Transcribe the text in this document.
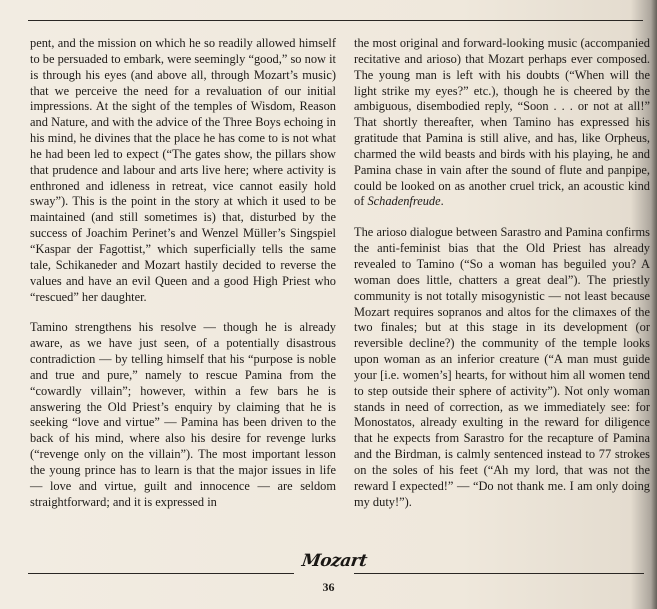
pent, and the mission on which he so readily allowed himself to be persuaded to embark, were seemingly “good,” so now it is through his eyes (and above all, through Mozart’s music) that we perceive the need for a revaluation of our initial impressions. At the sight of the temples of Wisdom, Reason and Nature, and with the advice of the Three Boys echoing in his mind, he divines that the place he has come to is not what he had been led to expect (“The gates show, the pillars show that prudence and labour and arts live here; where activity is enthroned and idleness in retreat, vice cannot easily hold sway”). This is the point in the story at which it used to be maintained (and still sometimes is) that, disturbed by the success of Joachim Perinet’s and Wenzel Müller’s Singspiel “Kaspar der Fagottist,” which superficially tells the same tale, Schikaneder and Mozart hastily decided to reverse the values and have an evil Queen and a good High Priest who “rescued” her daughter.

Tamino strengthens his resolve — though he is already aware, as we have just seen, of a potentially disastrous contradiction — by telling himself that his “purpose is noble and true and pure,” namely to rescue Pamina from the “cowardly villain”; however, within a few bars he is answering the Old Priest’s enquiry by claiming that he is seeking “love and virtue” — Pamina has been driven to the back of his mind, where also his desire for revenge lurks (“revenge only on the villain”). The most important lesson the young prince has to learn is that the major issues in life — love and virtue, guilt and innocence — are seldom straightforward; and it is expressed in

the most original and forward-looking music (accompanied recitative and arioso) that Mozart perhaps ever composed. The young man is left with his doubts (“When will the light strike my eyes?” etc.), though he is cheered by the ambiguous, disembodied reply, “Soon . . . or not at all!” That shortly thereafter, when Tamino has expressed his gratitude that Pamina is still alive, and has, like Orpheus, charmed the wild beasts and birds with his playing, he and Pamina chase in vain after the sound of flute and panpipe, could be looked on as another cruel trick, an acoustic kind of Schadenfreude.

The arioso dialogue between Sarastro and Pamina confirms the anti-feminist bias that the Old Priest has already revealed to Tamino (“So a woman has beguiled you? A woman does little, chatters a great deal”). The priestly community is not totally misogynistic — not least because Mozart requires sopranos and altos for the climaxes of the two finales; but at this stage in its development (or reversible decline?) the community of the temple looks upon woman as an inferior creature (“A man must guide your [i.e. women’s] hearts, for without him all women tend to step outside their sphere of activity”). Not only woman stands in need of correction, as we immediately see: for Monostatos, already exulting in the reward for diligence that he expects from Sarastro for the recapture of Pamina and the Birdman, is calmly sentenced instead to 77 strokes on the soles of his feet (“Ah my lord, that was not the reward I expected!” — “Do not thank me. I am only doing my duty!”).

Mozart
36
